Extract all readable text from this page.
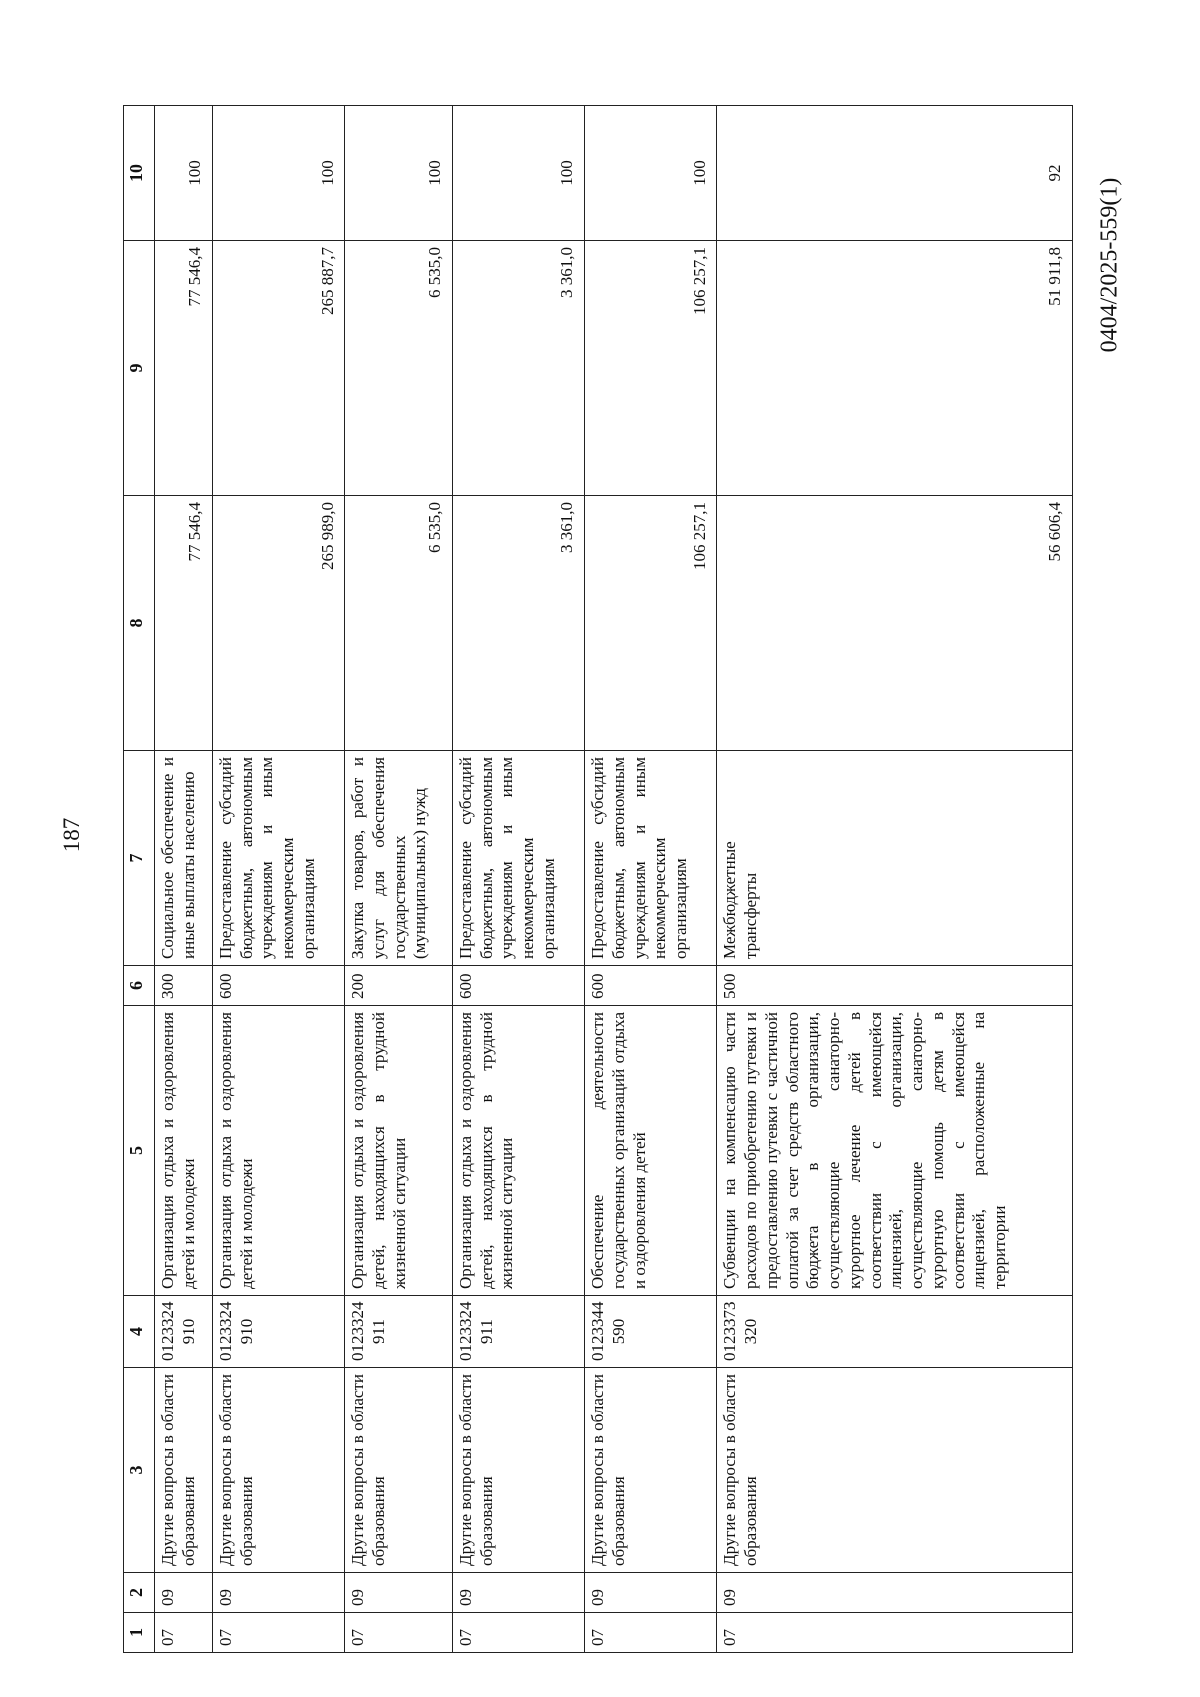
187
0404/2025-559(1)
1	2	3	4	5	6	7	8	9	10
07	09	Другие вопросы в области образования	0123324 910	Организация отдыха и оздоровления детей и молодежи	300	Социальное обеспечение и иные выплаты населению	77 546,4	77 546,4	100
07	09	Другие вопросы в области образования	0123324 910	Организация отдыха и оздоровления детей и молодежи	600	Предоставление субсидий бюджетным, автономным учреждениям и иным некоммерческим организациям	265 989,0	265 887,7	100
07	09	Другие вопросы в области образования	0123324 911	Организация отдыха и оздоровления детей, находящихся в трудной жизненной ситуации	200	Закупка товаров, работ и услуг для обеспечения государственных (муниципальных) нужд	6 535,0	6 535,0	100
07	09	Другие вопросы в области образования	0123324 911	Организация отдыха и оздоровления детей, находящихся в трудной жизненной ситуации	600	Предоставление субсидий бюджетным, автономным учреждениям и иным некоммерческим организациям	3 361,0	3 361,0	100
07	09	Другие вопросы в области образования	0123344 590	Обеспечение деятельности государственных организаций отдыха и оздоровления детей	600	Предоставление субсидий бюджетным, автономным учреждениям и иным некоммерческим организациям	106 257,1	106 257,1	100
07	09	Другие вопросы в области образования	0123373 320	Субвенции на компенсацию части расходов по приобретению путевки и предоставлению путевки с частичной оплатой за счет средств областного бюджета в организации, осуществляющие санаторно-курортное лечение детей в соответствии с имеющейся лицензией, организации, осуществляющие санаторно-курортную помощь детям в соответствии с имеющейся лицензией, расположенные на территории	500	Межбюджетные трансферты	56 606,4	51 911,8	92
